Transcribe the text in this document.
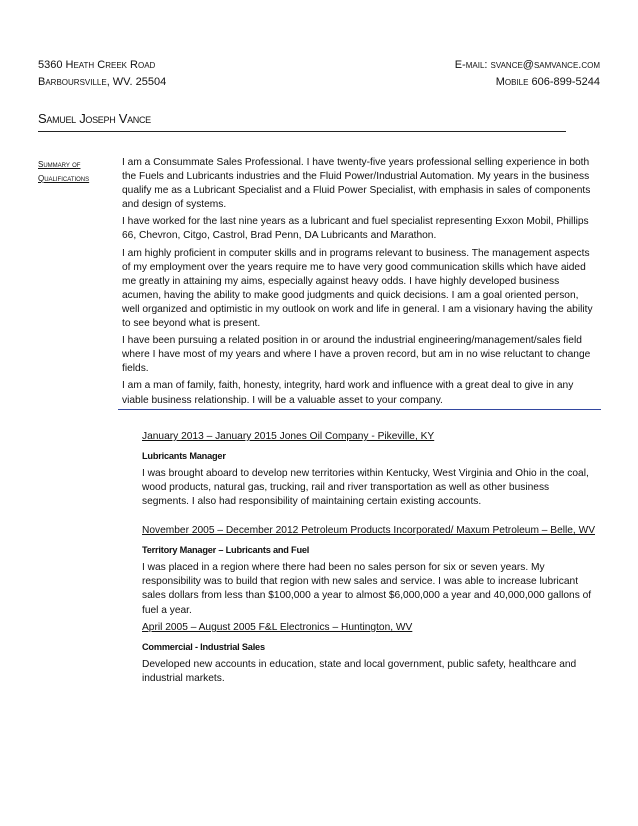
5360 Heath Creek Road
Barboursville, WV. 25504
E-mail: svance@samvance.com
Mobile 606-899-5244
Samuel Joseph Vance
Summary of Qualifications

I am a Consummate Sales Professional. I have twenty-five years professional selling experience in both the Fuels and Lubricants industries and the Fluid Power/Industrial Automation. My years in the business qualify me as a Lubricant Specialist and a Fluid Power Specialist, with emphasis in sales of components and design of systems.

I have worked for the last nine years as a lubricant and fuel specialist representing Exxon Mobil, Phillips 66, Chevron, Citgo, Castrol, Brad Penn, DA Lubricants and Marathon.

I am highly proficient in computer skills and in programs relevant to business. The management aspects of my employment over the years require me to have very good communication skills which have aided me greatly in attaining my aims, especially against heavy odds. I have highly developed business acumen, having the ability to make good judgments and quick decisions. I am a goal oriented person, well organized and optimistic in my outlook on work and life in general. I am a visionary having the ability to see beyond what is present.

I have been pursuing a related position in or around the industrial engineering/management/sales field where I have most of my years and where I have a proven record, but am in no wise reluctant to change fields.

I am a man of family, faith, honesty, integrity, hard work and influence with a great deal to give in any viable business relationship. I will be a valuable asset to your company.

January 2013 – January 2015 Jones Oil Company - Pikeville, KY

Lubricants Manager

I was brought aboard to develop new territories within Kentucky, West Virginia and Ohio in the coal, wood products, natural gas, trucking, rail and river transportation as well as other business segments. I also had responsibility of maintaining certain existing accounts.

November 2005 – December 2012 Petroleum Products Incorporated/ Maxum Petroleum – Belle, WV

Territory Manager – Lubricants and Fuel

I was placed in a region where there had been no sales person for six or seven years. My responsibility was to build that region with new sales and service. I was able to increase lubricant sales dollars from less than $100,000 a year to almost $6,000,000 a year and 40,000,000 gallons of fuel a year.

April 2005 – August 2005 F&L Electronics – Huntington, WV

Commercial - Industrial Sales

Developed new accounts in education, state and local government, public safety, healthcare and industrial markets.
